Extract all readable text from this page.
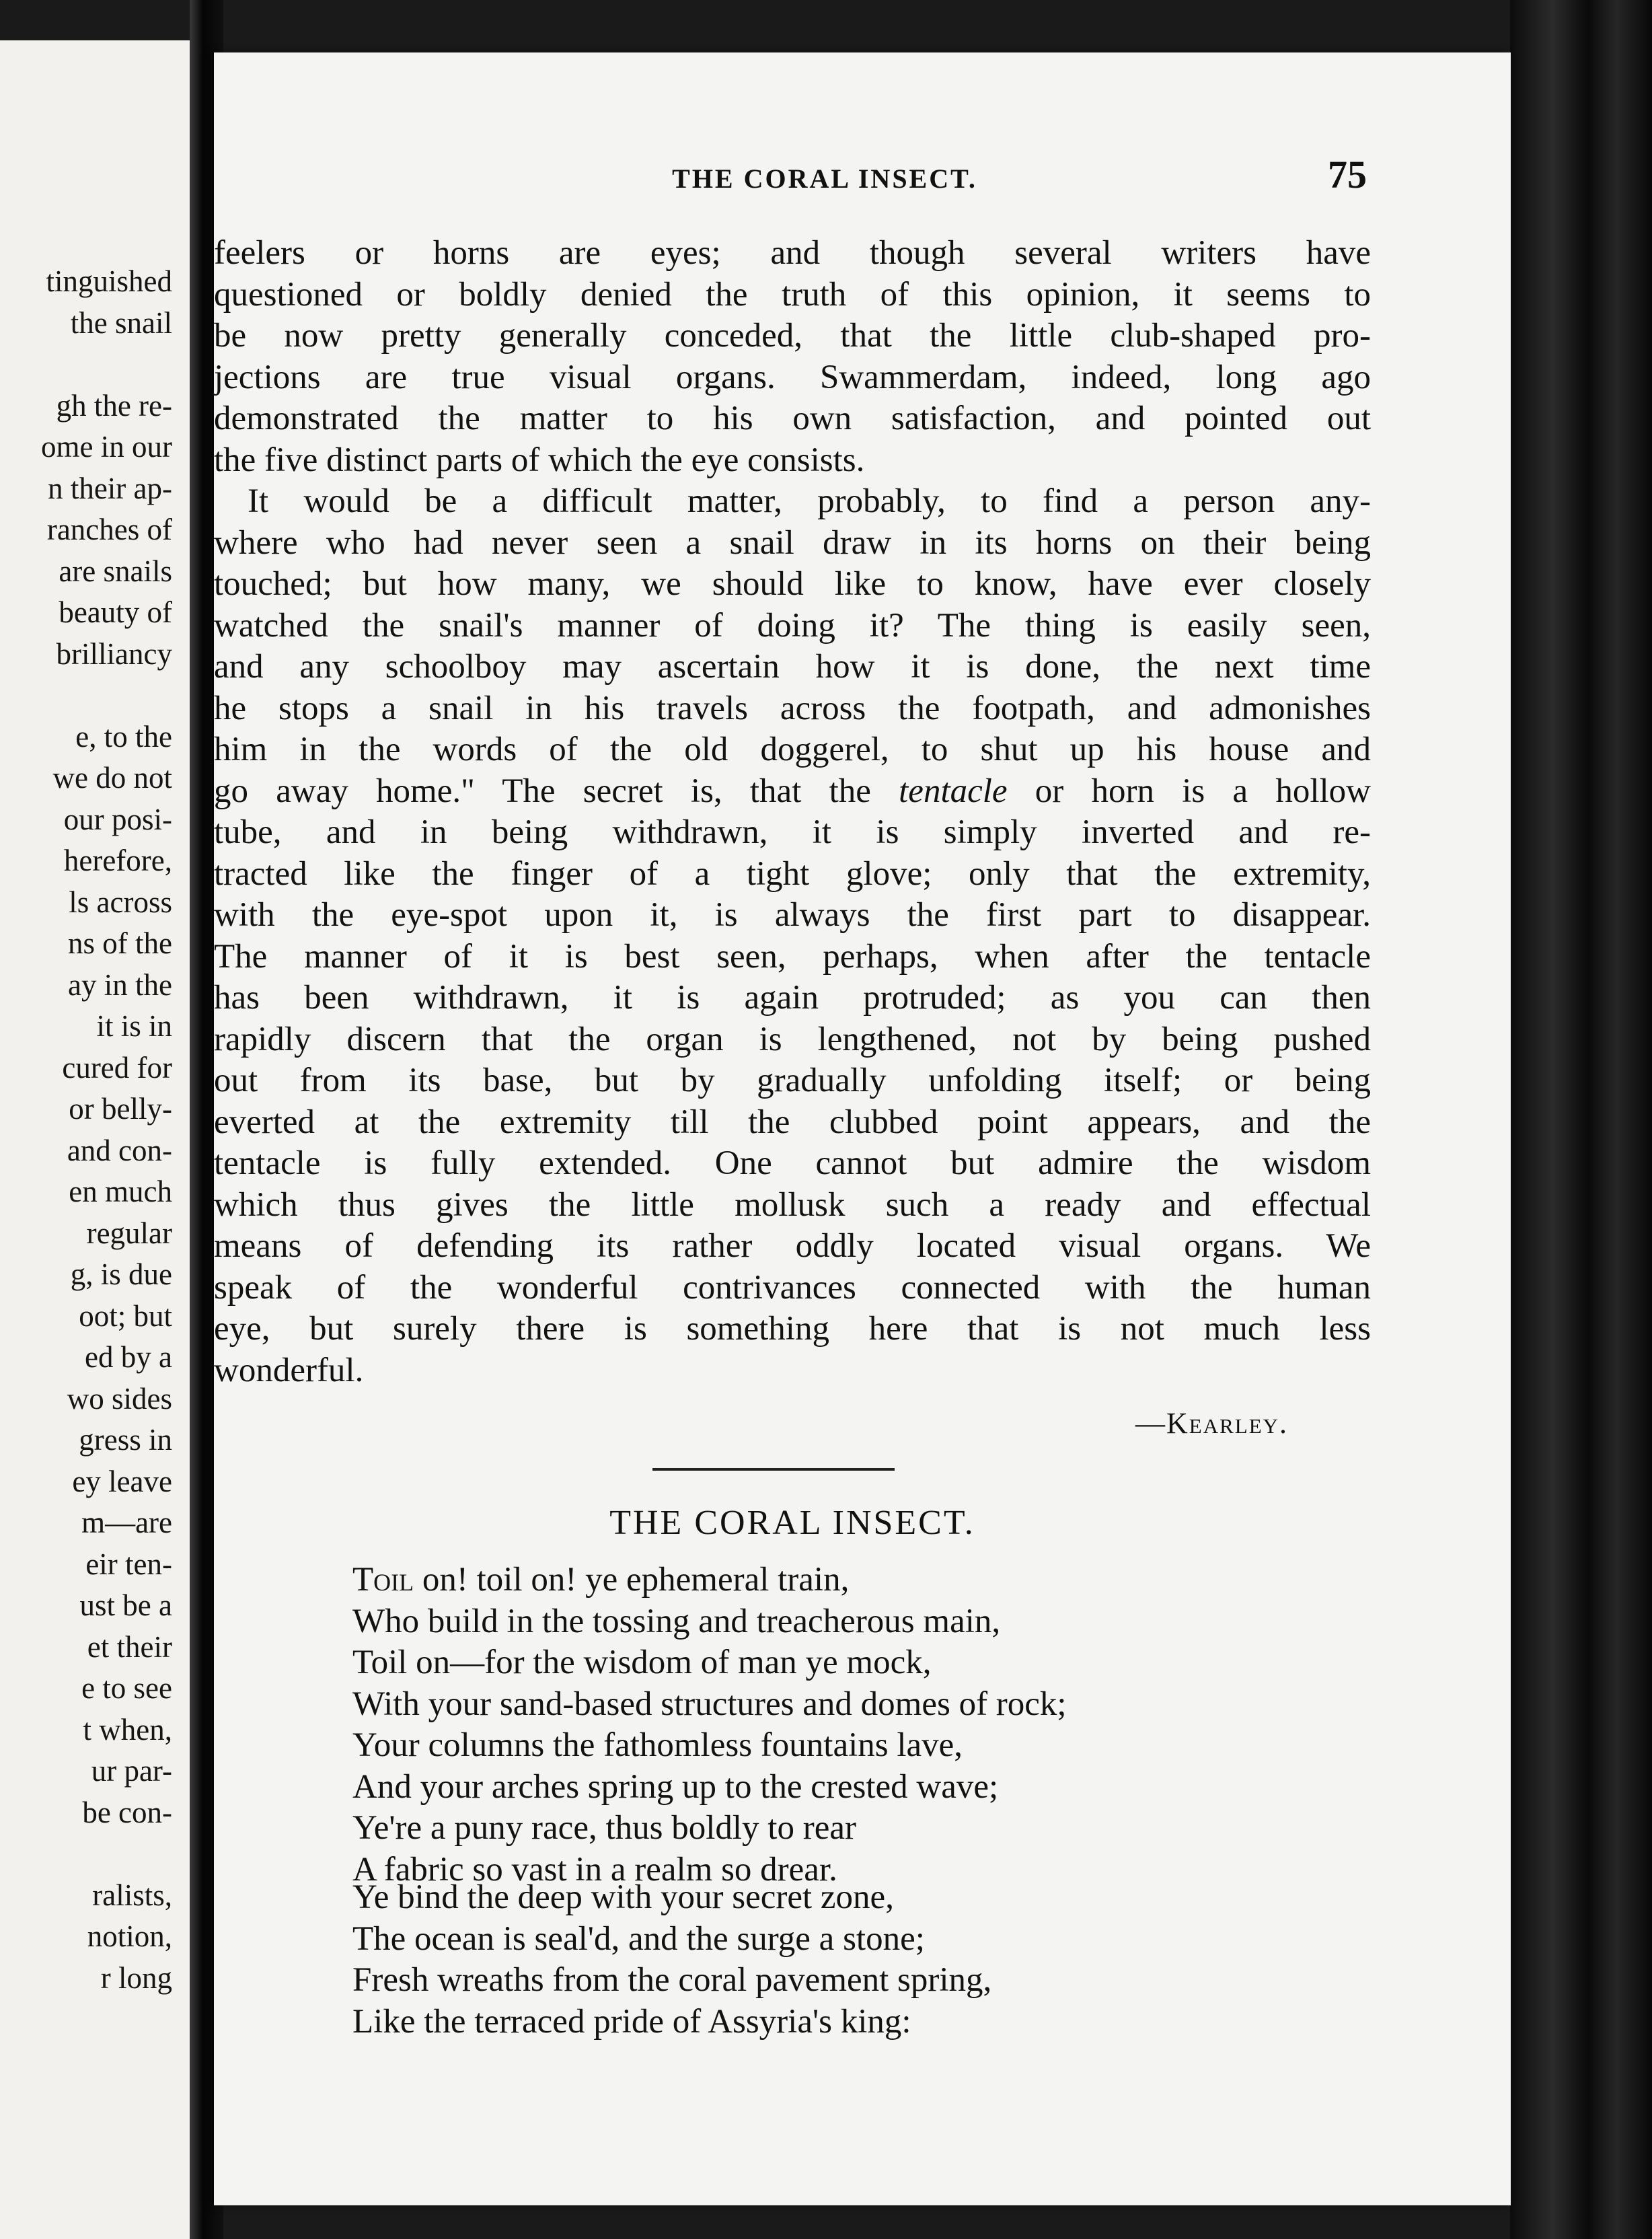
tinguished
the snail

gh the re-
ome in our
n their ap-
ranches of
are snails
beauty of
brilliancy

e, to the
we do not
our posi-
herefore,
ls across
ns of the
ay in the
it is in
cured for
or belly-
and con-
en much
regular
g, is due
oot; but
ed by a
wo sides
gress in
ey leave
m—are
eir ten-
ust be a
et their
e to see
t when,
ur par-
be con-

ralists,
notion,
r long
THE CORAL INSECT.	75

feelers or horns are eyes; and though several writers have
questioned or boldly denied the truth of this opinion, it seems to
be now pretty generally conceded, that the little club-shaped pro-
jections are true visual organs. Swammerdam, indeed, long ago
demonstrated the matter to his own satisfaction, and pointed out
the five distinct parts of which the eye consists.

It would be a difficult matter, probably, to find a person any-
where who had never seen a snail draw in its horns on their being
touched; but how many, we should like to know, have ever closely
watched the snail's manner of doing it? The thing is easily seen,
and any schoolboy may ascertain how it is done, the next time
he stops a snail in his travels across the footpath, and admonishes
him in the words of the old doggerel, to shut up his house and
go away home." The secret is, that the tentacle or horn is a hollow
tube, and in being withdrawn, it is simply inverted and re-
tracted like the finger of a tight glove; only that the extremity,
with the eye-spot upon it, is always the first part to disappear.
The manner of it is best seen, perhaps, when after the tentacle
has been withdrawn, it is again protruded; as you can then
rapidly discern that the organ is lengthened, not by being pushed
out from its base, but by gradually unfolding itself; or being
everted at the extremity till the clubbed point appears, and the
tentacle is fully extended. One cannot but admire the wisdom
which thus gives the little mollusk such a ready and effectual
means of defending its rather oddly located visual organs. We
speak of the wonderful contrivances connected with the human
eye, but surely there is something here that is not much less
wonderful.

—Kearley.
THE CORAL INSECT.
Toil on! toil on! ye ephemeral train,
Who build in the tossing and treacherous main,
Toil on—for the wisdom of man ye mock,
With your sand-based structures and domes of rock;
Your columns the fathomless fountains lave,
And your arches spring up to the crested wave;
Ye're a puny race, thus boldly to rear
A fabric so vast in a realm so drear.
Ye bind the deep with your secret zone,
The ocean is seal'd, and the surge a stone;
Fresh wreaths from the coral pavement spring,
Like the terraced pride of Assyria's king:
